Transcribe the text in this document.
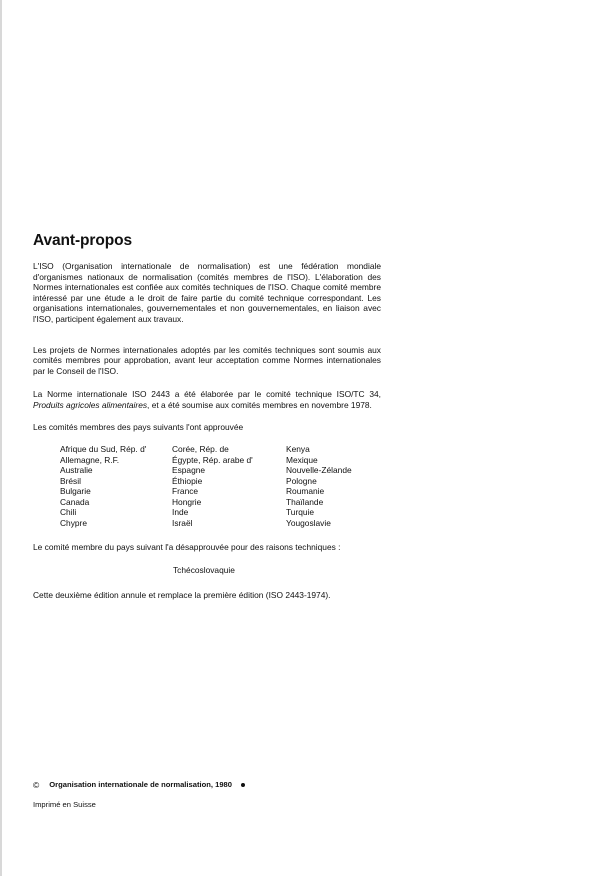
Avant-propos

L'ISO (Organisation internationale de normalisation) est une fédération mondiale d'organismes nationaux de normalisation (comités membres de l'ISO). L'élaboration des Normes internationales est confiée aux comités techniques de l'ISO. Chaque comité membre intéressé par une étude a le droit de faire partie du comité technique correspondant. Les organisations internationales, gouvernementales et non gouvernementales, en liaison avec l'ISO, participent également aux travaux.

Les projets de Normes internationales adoptés par les comités techniques sont soumis aux comités membres pour approbation, avant leur acceptation comme Normes internationales par le Conseil de l'ISO.

La Norme internationale ISO 2443 a été élaborée par le comité technique ISO/TC 34, Produits agricoles alimentaires, et a été soumise aux comités membres en novembre 1978.

Les comités membres des pays suivants l'ont approuvée

Afrique du Sud, Rép. d'
Allemagne, R.F.
Australie
Brésil
Bulgarie
Canada
Chili
Chypre
Corée, Rép. de
Égypte, Rép. arabe d'
Espagne
Éthiopie
France
Hongrie
Inde
Israël
Kenya
Mexique
Nouvelle-Zélande
Pologne
Roumanie
Thaïlande
Turquie
Yougoslavie

Le comité membre du pays suivant l'a désapprouvée pour des raisons techniques :

Tchécoslovaquie

Cette deuxième édition annule et remplace la première édition (ISO 2443-1974).

© Organisation internationale de normalisation, 1980
Imprimé en Suisse
